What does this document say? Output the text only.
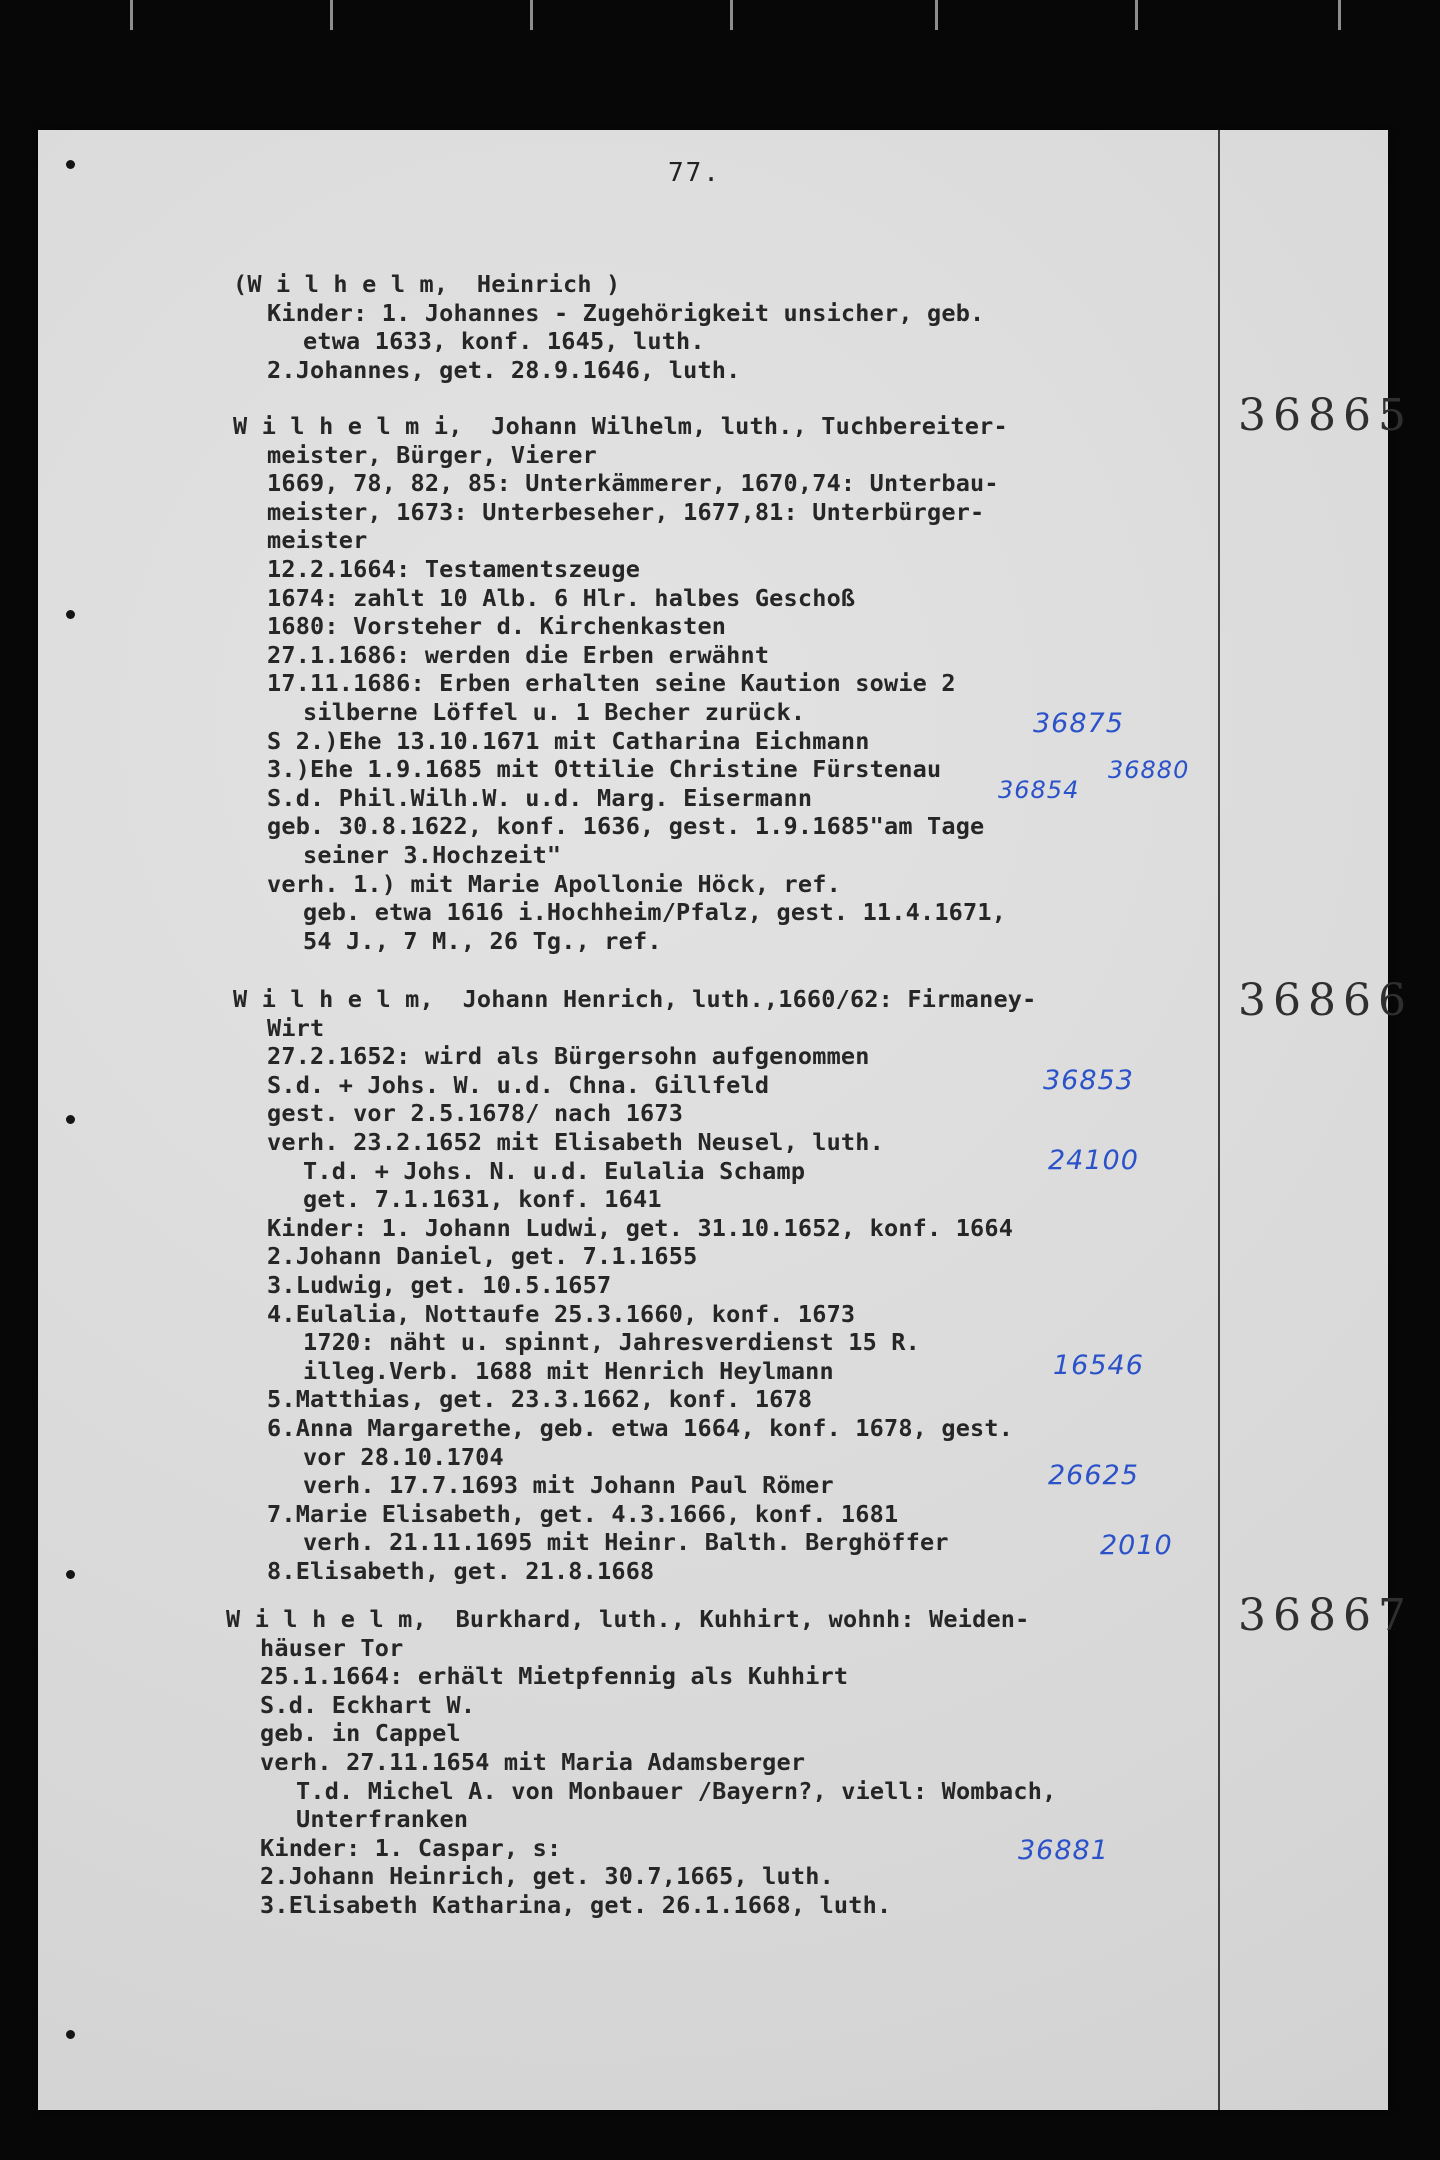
77.
(W i l h e l m,  Heinrich )
Kinder: 1. Johannes - Zugehörigkeit unsicher, geb.
etwa 1633, konf. 1645, luth.
2.Johannes, get. 28.9.1646, luth.
W i l h e l m i,  Johann Wilhelm, luth., Tuchbereiter-
meister, Bürger, Vierer
1669, 78, 82, 85: Unterkämmerer, 1670,74: Unterbau-
meister, 1673: Unterbeseher, 1677,81: Unterbürger-
meister
12.2.1664: Testamentszeuge
1674: zahlt 10 Alb. 6 Hlr. halbes Geschoß
1680: Vorsteher d. Kirchenkasten
27.1.1686: werden die Erben erwähnt
17.11.1686: Erben erhalten seine Kaution sowie 2
silberne Löffel u. 1 Becher zurück.
S 2.)Ehe 13.10.1671 mit Catharina Eichmann
3.)Ehe 1.9.1685 mit Ottilie Christine Fürstenau
S.d. Phil.Wilh.W. u.d. Marg. Eisermann
geb. 30.8.1622, konf. 1636, gest. 1.9.1685"am Tage
seiner 3.Hochzeit"
verh. 1.) mit Marie Apollonie Höck, ref.
geb. etwa 1616 i.Hochheim/Pfalz, gest. 11.4.1671,
54 J., 7 M., 26 Tg., ref.
36865
36875
36880
36854
W i l h e l m,  Johann Henrich, luth.,1660/62: Firmaney-
Wirt
27.2.1652: wird als Bürgersohn aufgenommen
S.d. + Johs. W. u.d. Chna. Gillfeld
gest. vor 2.5.1678/ nach 1673
verh. 23.2.1652 mit Elisabeth Neusel, luth.
T.d. + Johs. N. u.d. Eulalia Schamp
get. 7.1.1631, konf. 1641
Kinder: 1. Johann Ludwi, get. 31.10.1652, konf. 1664
2.Johann Daniel, get. 7.1.1655
3.Ludwig, get. 10.5.1657
4.Eulalia, Nottaufe 25.3.1660, konf. 1673
1720: näht u. spinnt, Jahresverdienst 15 R.
illeg.Verb. 1688 mit Henrich Heylmann
5.Matthias, get. 23.3.1662, konf. 1678
6.Anna Margarethe, geb. etwa 1664, konf. 1678, gest.
vor 28.10.1704
verh. 17.7.1693 mit Johann Paul Römer
7.Marie Elisabeth, get. 4.3.1666, konf. 1681
verh. 21.11.1695 mit Heinr. Balth. Berghöffer
8.Elisabeth, get. 21.8.1668
36866
36853
24100
16546
26625
2010
W i l h e l m,  Burkhard, luth., Kuhhirt, wohnh: Weiden-
häuser Tor
25.1.1664: erhält Mietpfennig als Kuhhirt
S.d. Eckhart W.
geb. in Cappel
verh. 27.11.1654 mit Maria Adamsberger
T.d. Michel A. von Monbauer /Bayern?, viell: Wombach,
Unterfranken
Kinder: 1. Caspar, s:
2.Johann Heinrich, get. 30.7,1665, luth.
3.Elisabeth Katharina, get. 26.1.1668, luth.
36867
36881
